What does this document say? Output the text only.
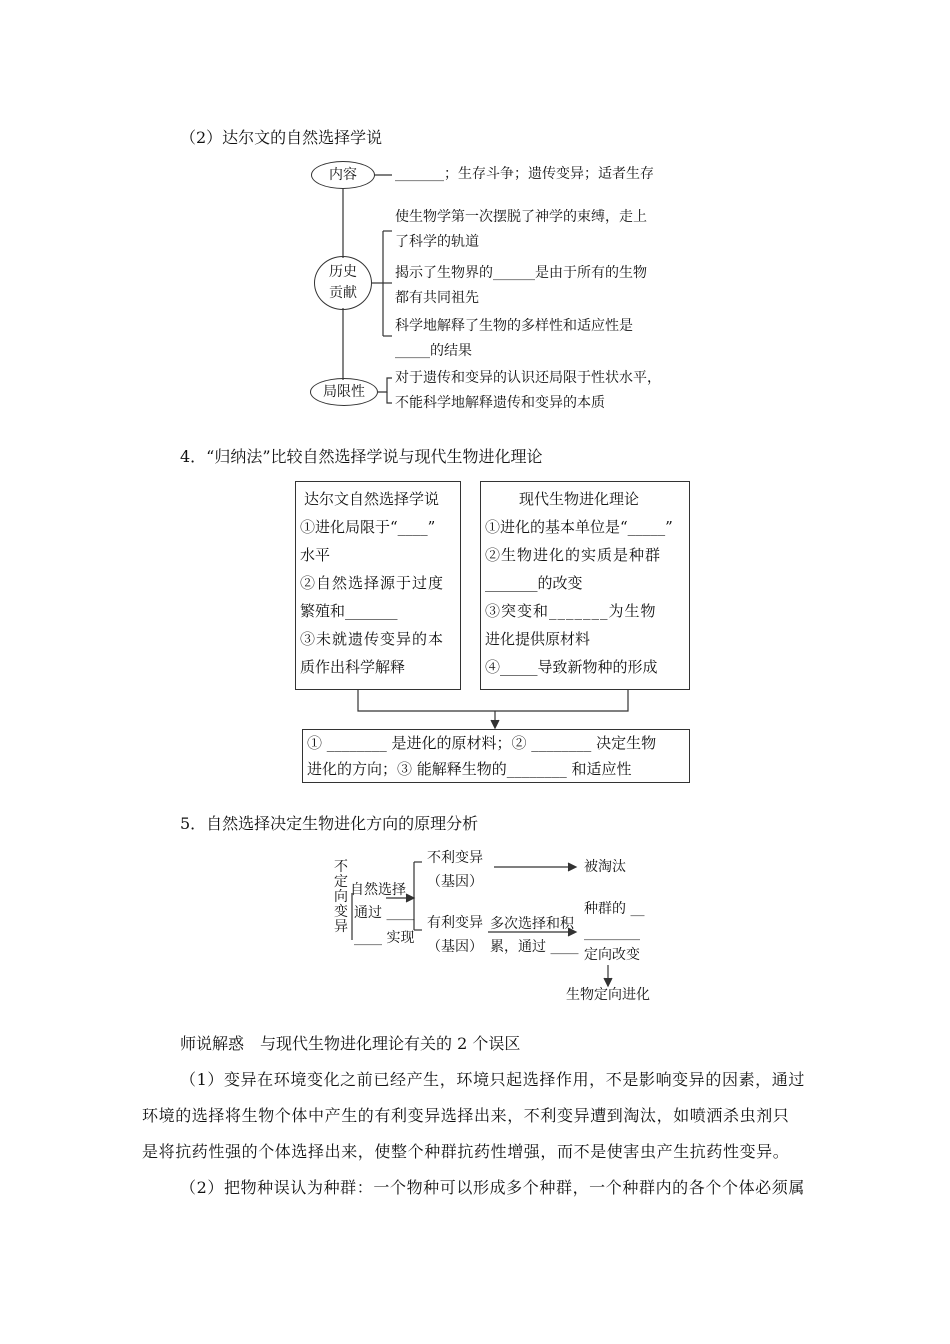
（2）达尔文的自然选择学说
内容	_______；生存斗争；遗传变异；适者生存
历史
贡献
使生物学第一次摆脱了神学的束缚，走上
了科学的轨道
揭示了生物界的______是由于所有的生物
都有共同祖先
科学地解释了生物的多样性和适应性是
_____的结果
局限性
对于遗传和变异的认识还局限于性状水平，
不能科学地解释遗传和变异的本质
4．“归纳法”比较自然选择学说与现代生物进化理论
达尔文自然选择学说
①进化局限于“____”
水平
②自然选择源于过度
繁殖和_______
③未就遗传变异的本
质作出科学解释
现代生物进化理论
①进化的基本单位是“_____”
②生物进化的实质是种群
_______的改变
③突变和_______为生物
进化提供原材料
④_____导致新物种的形成
① ________ 是进化的原材料；② ________ 决定生物
进化的方向；③ 能解释生物的________ 和适应性
5．自然选择决定生物进化方向的原理分析
不
定
向
变
异
自然选择
通过 ____
____ 实现
不利变异
（基因）
被淘汰
有利变异
（基因）
多次选择和积
累，通过 ____
种群的 __
________
定向改变
生物定向进化
师说解惑　与现代生物进化理论有关的 2 个误区
（1）变异在环境变化之前已经产生，环境只起选择作用，不是影响变异的因素，通过
环境的选择将生物个体中产生的有利变异选择出来，不利变异遭到淘汰，如喷洒杀虫剂只
是将抗药性强的个体选择出来，使整个种群抗药性增强，而不是使害虫产生抗药性变异。
（2）把物种误认为种群：一个物种可以形成多个种群，一个种群内的各个个体必须属
